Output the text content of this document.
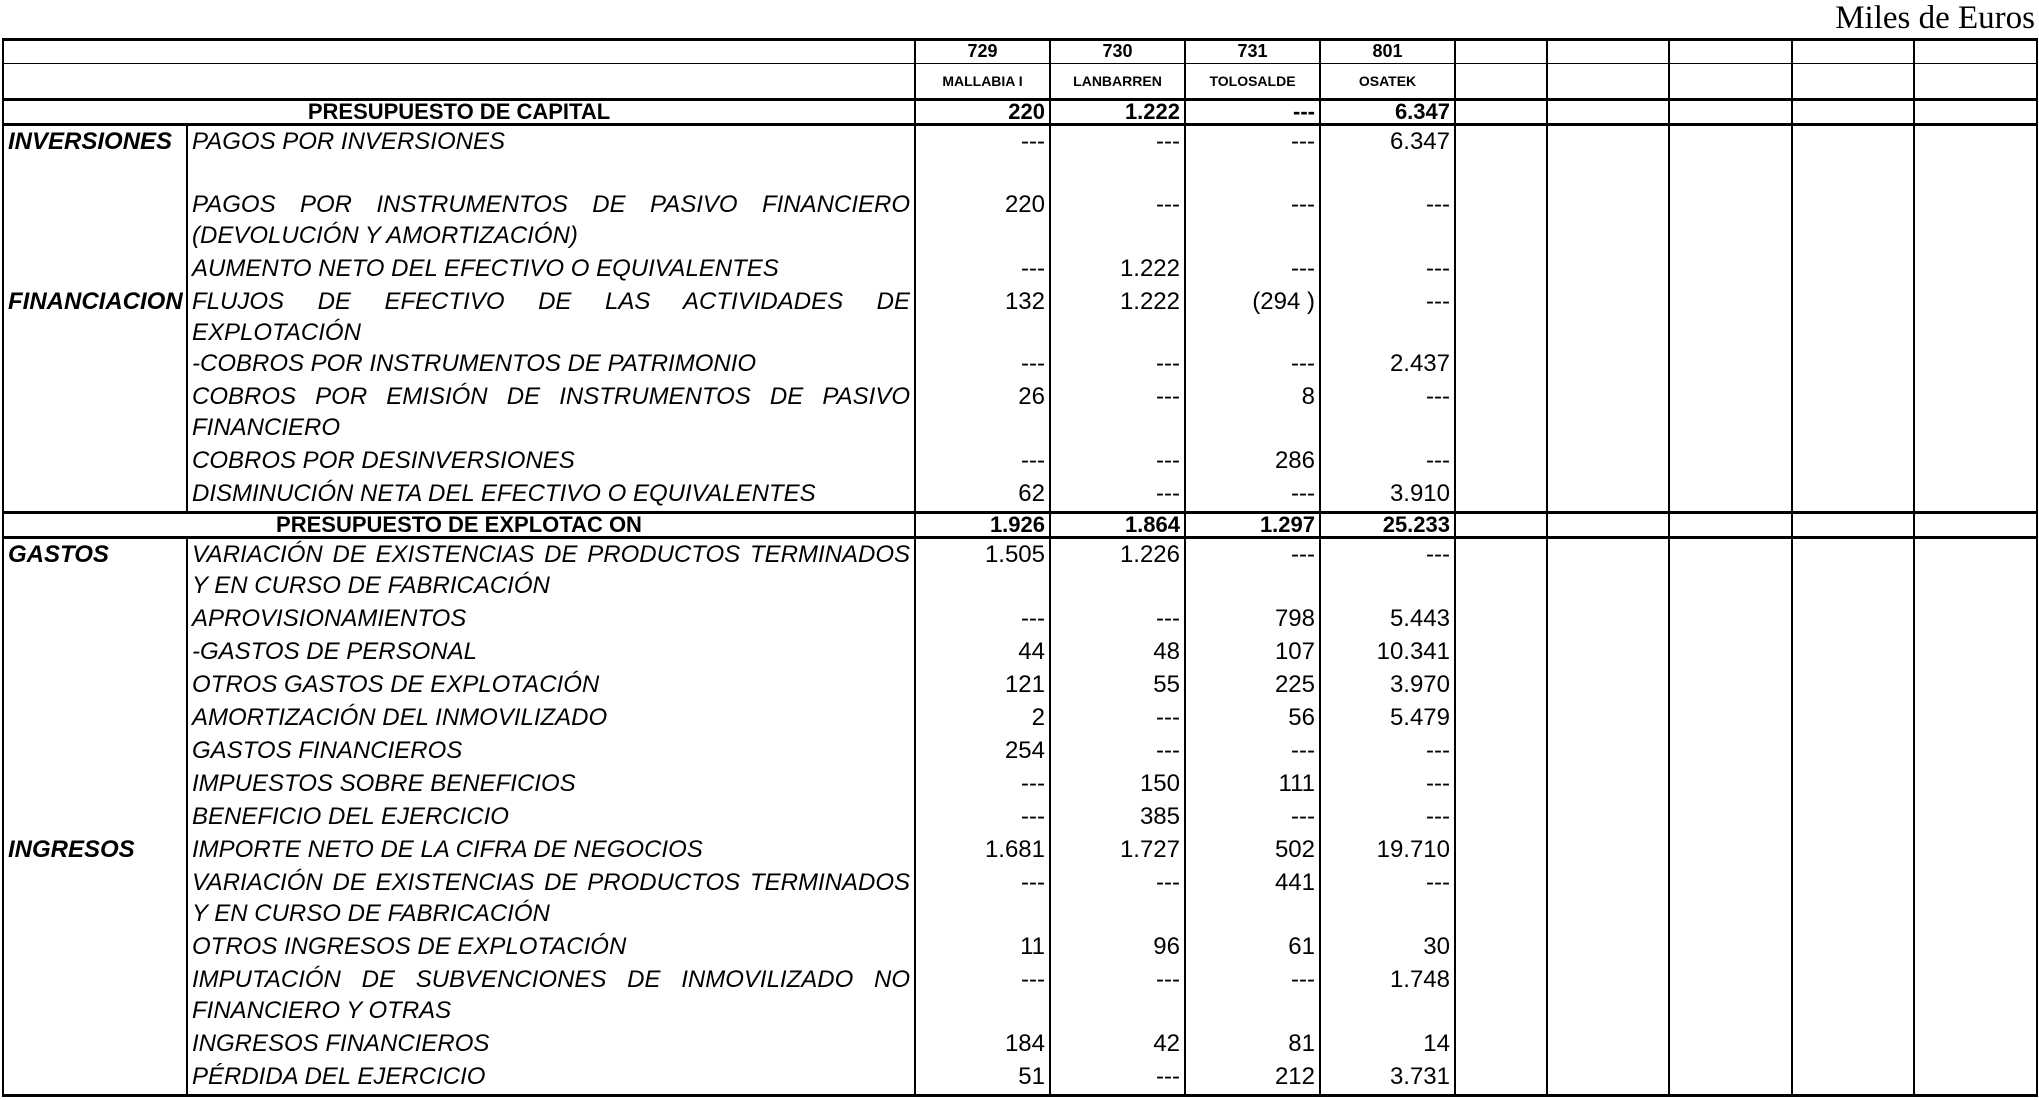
Miles de Euros
		729	730	731	801					
		MALLABIA I	LANBARREN	TOLOSALDE	OSATEK					
PRESUPUESTO DE CAPITAL		220	1.222	---	6.347					
INVERSIONES	PAGOS POR INVERSIONES	---	---	---	6.347					

	PAGOS POR INSTRUMENTOS DE PASIVO FINANCIERO (DEVOLUCIÓN Y AMORTIZACIÓN)	220	---	---	---					
	AUMENTO NETO DEL EFECTIVO O EQUIVALENTES	---	1.222	---	---					
FINANCIACION	FLUJOS DE EFECTIVO DE LAS ACTIVIDADES DE EXPLOTACIÓN	132	1.222	(294 )	---					
	-COBROS POR INSTRUMENTOS DE PATRIMONIO	---	---	---	2.437					
	COBROS POR EMISIÓN DE INSTRUMENTOS DE PASIVO FINANCIERO	26	---	8	---					
	COBROS POR DESINVERSIONES	---	---	286	---					
	DISMINUCIÓN NETA DEL EFECTIVO O EQUIVALENTES	62	---	---	3.910					
PRESUPUESTO DE EXPLOTAC ON		1.926	1.864	1.297	25.233					
GASTOS	VARIACIÓN DE EXISTENCIAS DE PRODUCTOS TERMINADOS Y EN CURSO DE FABRICACIÓN	1.505	1.226	---	---					
	APROVISIONAMIENTOS	---	---	798	5.443					
	-GASTOS DE PERSONAL	44	48	107	10.341					
	OTROS GASTOS DE EXPLOTACIÓN	121	55	225	3.970					
	AMORTIZACIÓN DEL INMOVILIZADO	2	---	56	5.479					
	GASTOS FINANCIEROS	254	---	---	---					
	IMPUESTOS SOBRE BENEFICIOS	---	150	111	---					
	BENEFICIO DEL EJERCICIO	---	385	---	---					
INGRESOS	IMPORTE NETO DE LA CIFRA DE NEGOCIOS	1.681	1.727	502	19.710					
	VARIACIÓN DE EXISTENCIAS DE PRODUCTOS TERMINADOS Y EN CURSO DE FABRICACIÓN	---	---	441	---					
	OTROS INGRESOS DE EXPLOTACIÓN	11	96	61	30					
	IMPUTACIÓN DE SUBVENCIONES DE INMOVILIZADO NO FINANCIERO Y OTRAS	---	---	---	1.748					
	INGRESOS FINANCIEROS	184	42	81	14					
	PÉRDIDA DEL EJERCICIO	51	---	212	3.731					
